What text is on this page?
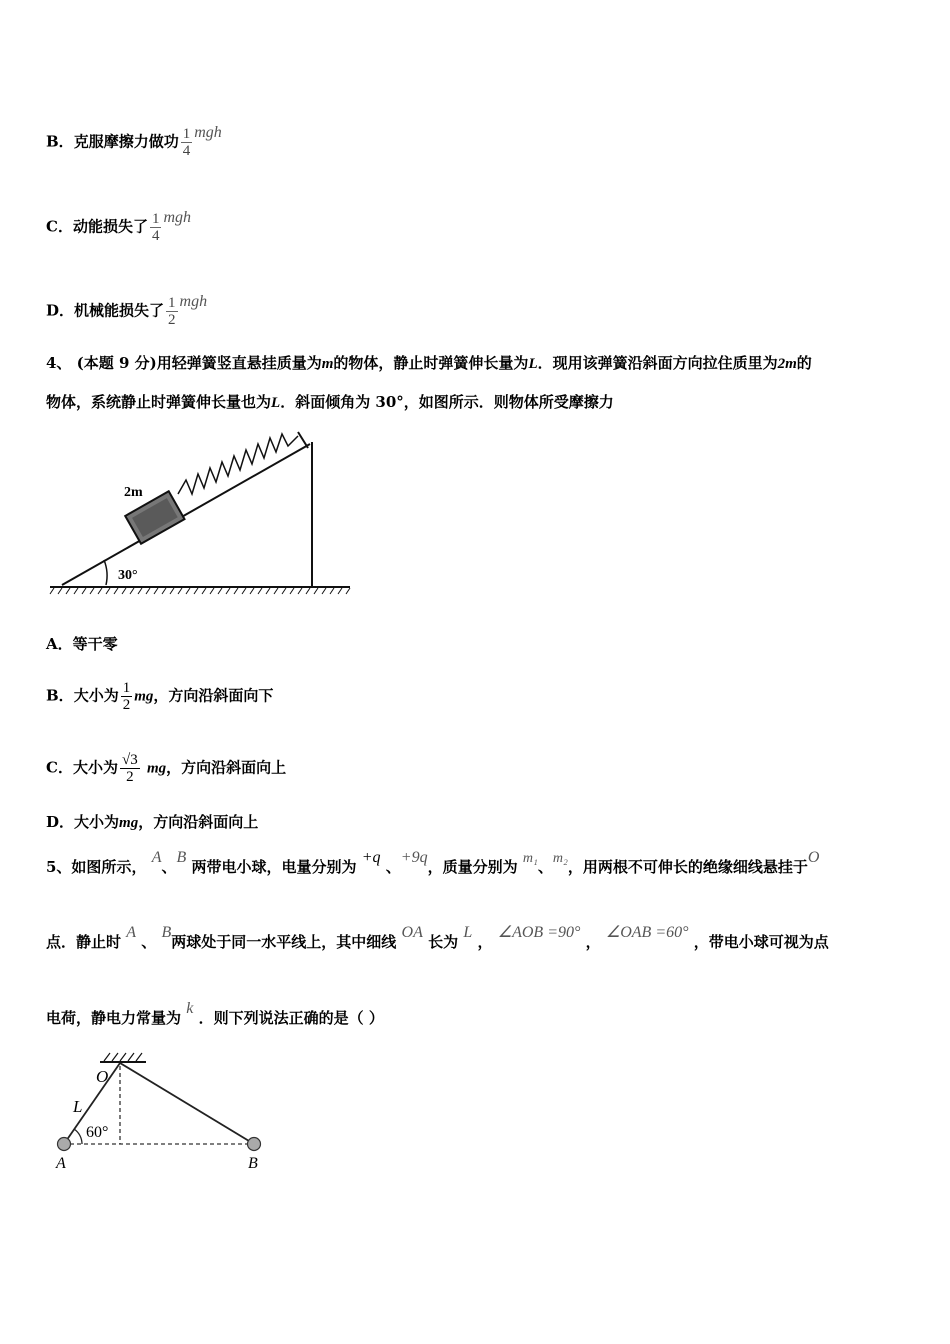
B．克服摩擦力做功 $\frac{1}{4}$ mgh
C．动能损失了 $\frac{1}{4}$ mgh
D．机械能损失了 $\frac{1}{2}$ mgh
4、 (本题 9 分)用轻弹簧竖直悬挂质量为m的物体，静止时弹簧伸长量为L．现用该弹簧沿斜面方向拉住质里为2m的
物体，系统静止时弹簧伸长量也为L．斜面倾角为 30°，如图所示．则物体所受摩擦力
2m
30°
A．等干零
B．大小为 $\frac{1}{2}$ mg，方向沿斜面向下
C．大小为 $\frac{√3}{2}$ mg，方向沿斜面向上
D．大小为mg，方向沿斜面向上
5、如图所示， A、B 两带电小球，电量分别为 +q 、+9q，质量分别为 m₁、m₂，用两根不可伸长的绝缘细线悬挂于O
点．静止时 A 、 B两球处于同一水平线上，其中细线 OA 长为 L ， ∠AOB =90° ， ∠OAB =60° ，带电小球可视为点
电荷，静电力常量为 k ．则下列说法正确的是（ ）
O
L
60°
A	B
